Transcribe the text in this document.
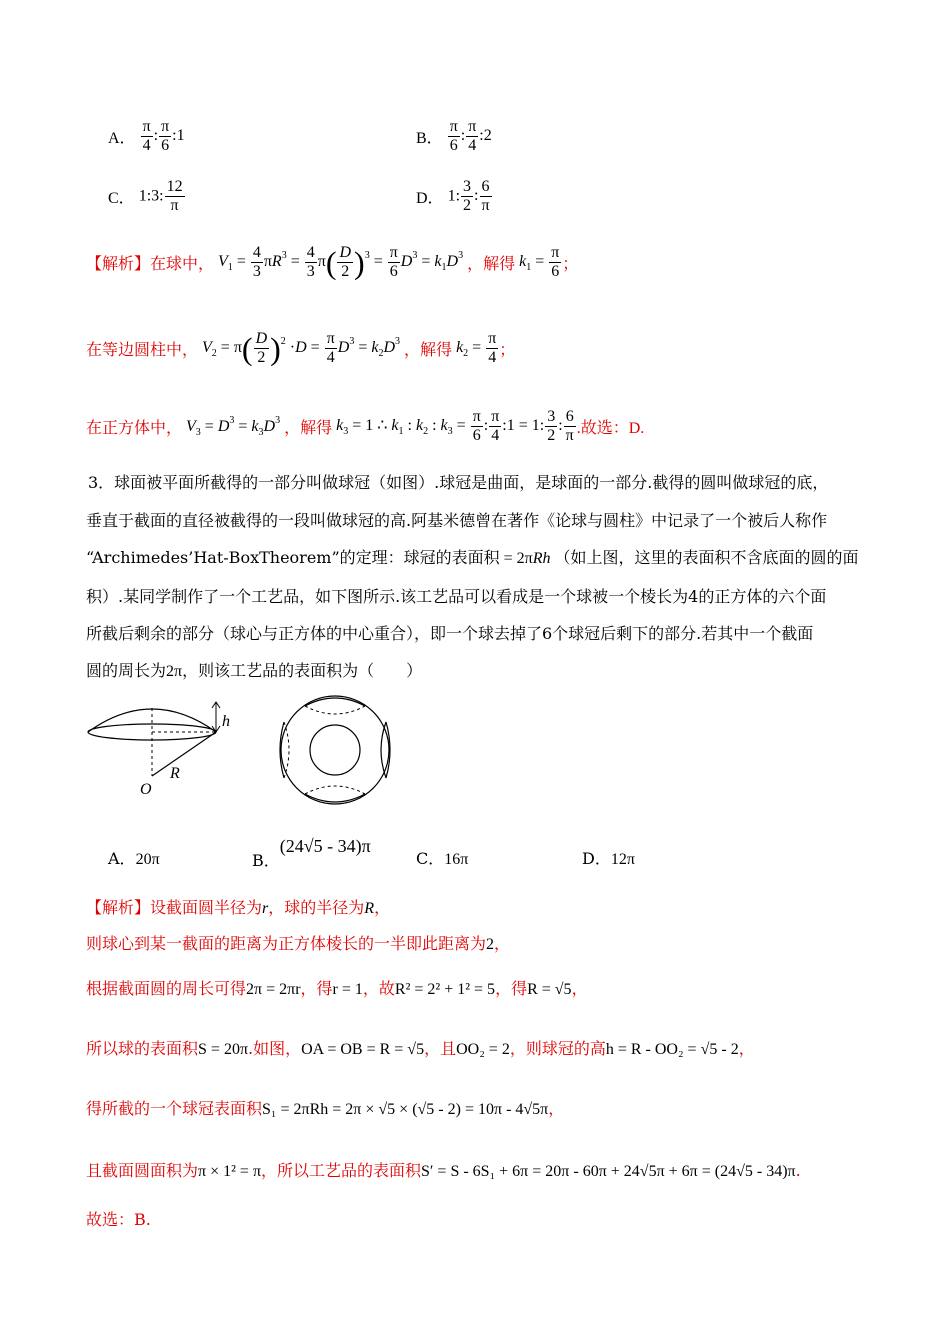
A． $\frac{\pi}{4}$ : $\frac{\pi}{6}$ :1	B． $\frac{\pi}{6}$ : $\frac{\pi}{4}$ :2
C． 1:3: $\frac{12}{\pi}$	D． 1: $\frac{3}{2}$ : $\frac{6}{\pi}$
【解析】在球中， $V_1 = \frac{4}{3} \pi R^3 = \frac{4}{3} \pi( \frac{D}{2} )^3 = \frac{\pi}{6} D^3 = k_1D^3$ ，解得 $k_1 = \frac{\pi}{6}$ ；
在等边圆柱中， $V_2 = \pi( \frac{D}{2} )^2 \cdot D = \frac{\pi}{4} D^3 = k_2D^3$ ，解得 $k_2 = \frac{\pi}{4}$ ；
在正方体中， $V_3 = D^3 = k_3D^3$ ，解得 $k_3 = 1$ ∴ $k_1$ : $k_2$ : $k_3 = \frac{\pi}{6}$ : $\frac{\pi}{4}$ :1 = 1: $\frac{3}{2}$ : $\frac{6}{\pi}$ .故选：D.
3．球面被平面所截得的一部分叫做球冠（如图）.球冠是曲面，是球面的一部分.截得的圆叫做球冠的底，
垂直于截面的直径被截得的一段叫做球冠的高.阿基米德曾在著作《论球与圆柱》中记录了一个被后人称作
“Archimedes’Hat-BoxTheorem”的定理：球冠的表面积 = 2πRh （如上图，这里的表面积不含底面的圆的面
积）.某同学制作了一个工艺品，如下图所示.该工艺品可以看成是一个球被一个棱长为4的正方体的六个面
所截后剩余的部分（球心与正方体的中心重合），即一个球去掉了6个球冠后剩下的部分.若其中一个截面
圆的周长为2π，则该工艺品的表面积为（　　）
h
R
O
A．20π	B．(24√5 - 34)π
C．16π	D．12π
【解析】设截面圆半径为r，球的半径为R，
则球心到某一截面的距离为正方体棱长的一半即此距离为2，
根据截面圆的周长可得2π = 2πr，得r = 1，故R² = 2² + 1² = 5，得R = √5，
所以球的表面积S = 20π.如图，OA = OB = R = √5，且OO₂ = 2，则球冠的高h = R - OO₂ = √5 - 2，
得所截的一个球冠表面积S₁ = 2πRh = 2π × √5 × (√5 - 2) = 10π - 4√5π，
且截面圆面积为π × 1² = π，所以工艺品的表面积S′ = S - 6S₁ + 6π = 20π - 60π + 24√5π + 6π = (24√5 - 34)π.
故选：B.
